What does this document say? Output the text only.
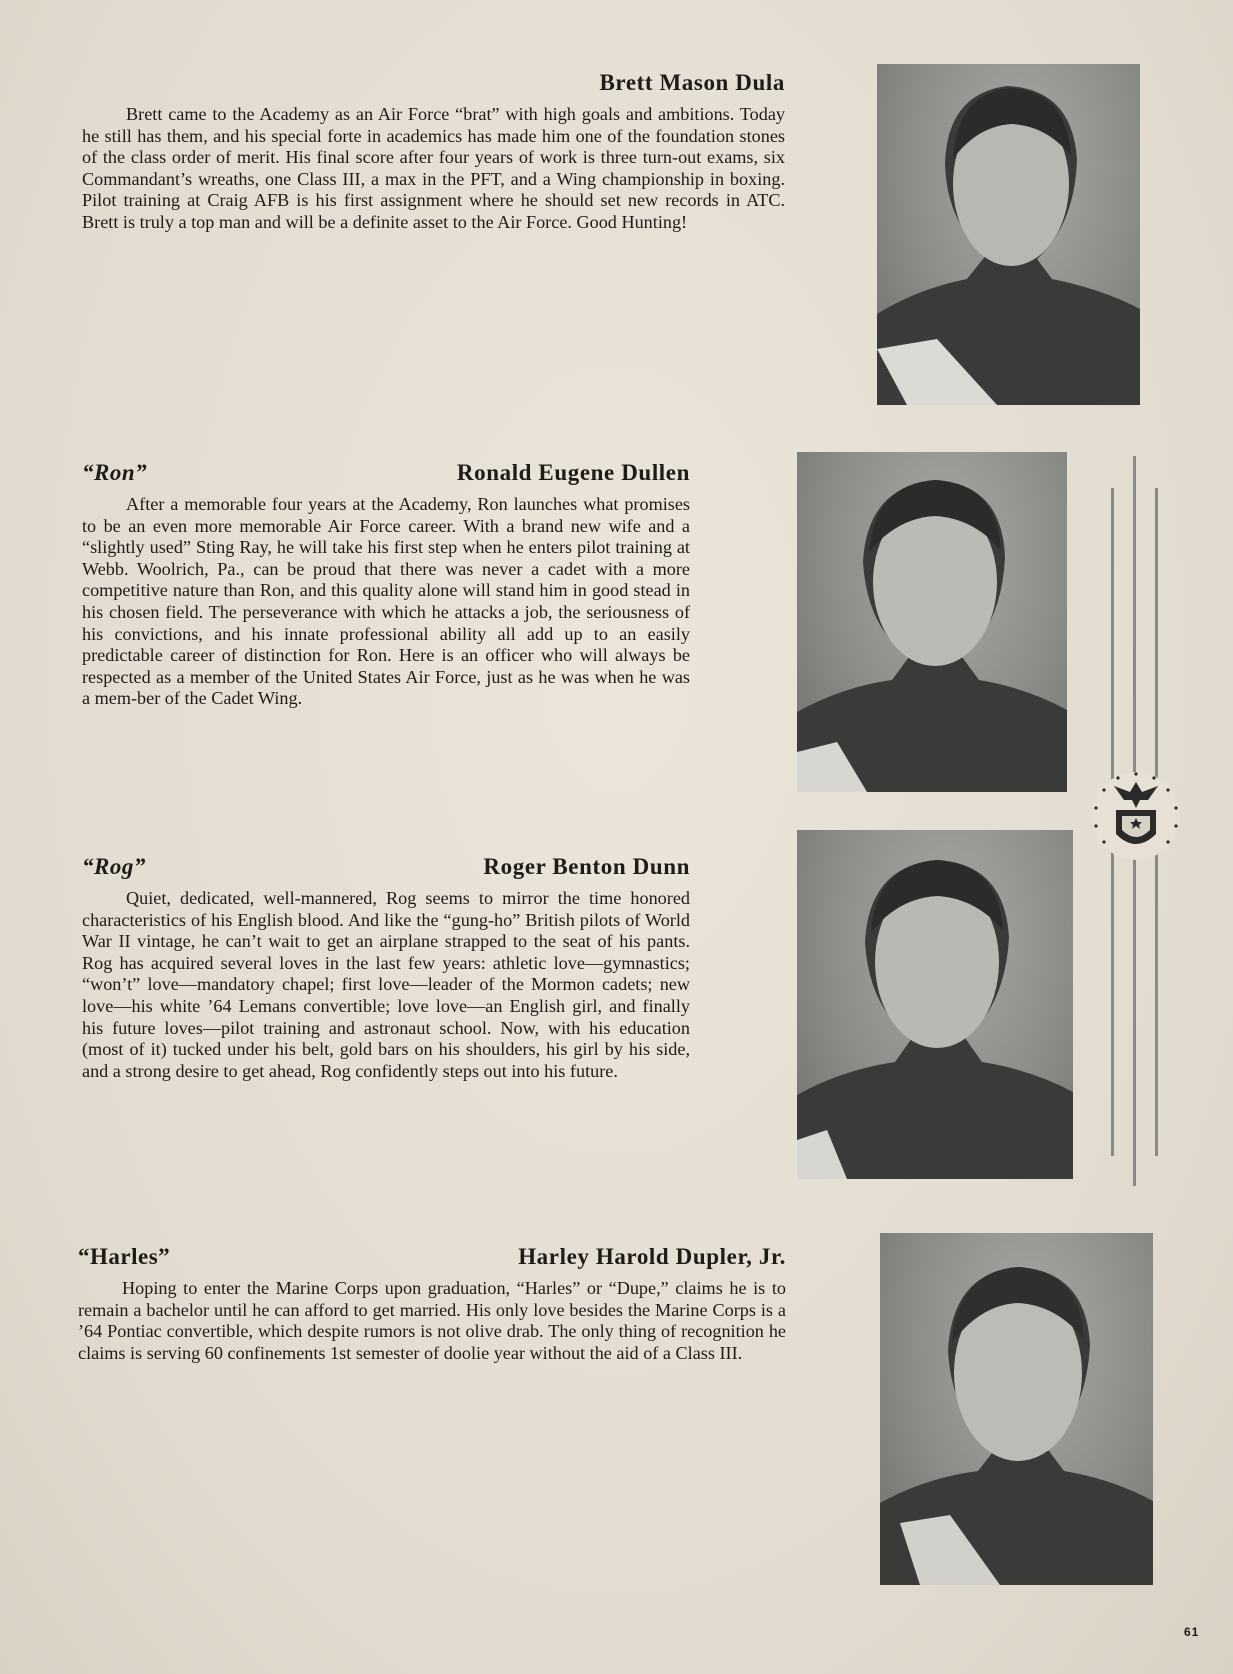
Brett Mason Dula

Brett came to the Academy as an Air Force “brat” with high goals and ambitions. Today he still has them, and his special forte in academics has made him one of the foundation stones of the class order of merit. His final score after four years of work is three turn-out exams, six Commandant’s wreaths, one Class III, a max in the PFT, and a Wing championship in boxing. Pilot training at Craig AFB is his first assignment where he should set new records in ATC. Brett is truly a top man and will be a definite asset to the Air Force. Good Hunting!

“Ron”	Ronald Eugene Dullen

After a memorable four years at the Academy, Ron launches what promises to be an even more memorable Air Force career. With a brand new wife and a “slightly used” Sting Ray, he will take his first step when he enters pilot training at Webb. Woolrich, Pa., can be proud that there was never a cadet with a more competitive nature than Ron, and this quality alone will stand him in good stead in his chosen field. The perseverance with which he attacks a job, the seriousness of his convictions, and his innate professional ability all add up to an easily predictable career of distinction for Ron. Here is an officer who will always be respected as a member of the United States Air Force, just as he was when he was a mem-ber of the Cadet Wing.

“Rog”	Roger Benton Dunn

Quiet, dedicated, well-mannered, Rog seems to mirror the time honored characteristics of his English blood. And like the “gung-ho” British pilots of World War II vintage, he can’t wait to get an airplane strapped to the seat of his pants. Rog has acquired several loves in the last few years: athletic love—gymnastics; “won’t” love—mandatory chapel; first love—leader of the Mormon cadets; new love—his white ’64 Lemans convertible; love love—an English girl, and finally his future loves—pilot training and astronaut school. Now, with his education (most of it) tucked under his belt, gold bars on his shoulders, his girl by his side, and a strong desire to get ahead, Rog confidently steps out into his future.

“Harles”	Harley Harold Dupler, Jr.

Hoping to enter the Marine Corps upon graduation, “Harles” or “Dupe,” claims he is to remain a bachelor until he can afford to get married. His only love besides the Marine Corps is a ’64 Pontiac convertible, which despite rumors is not olive drab. The only thing of recognition he claims is serving 60 confinements 1st semester of doolie year without the aid of a Class III.

61
